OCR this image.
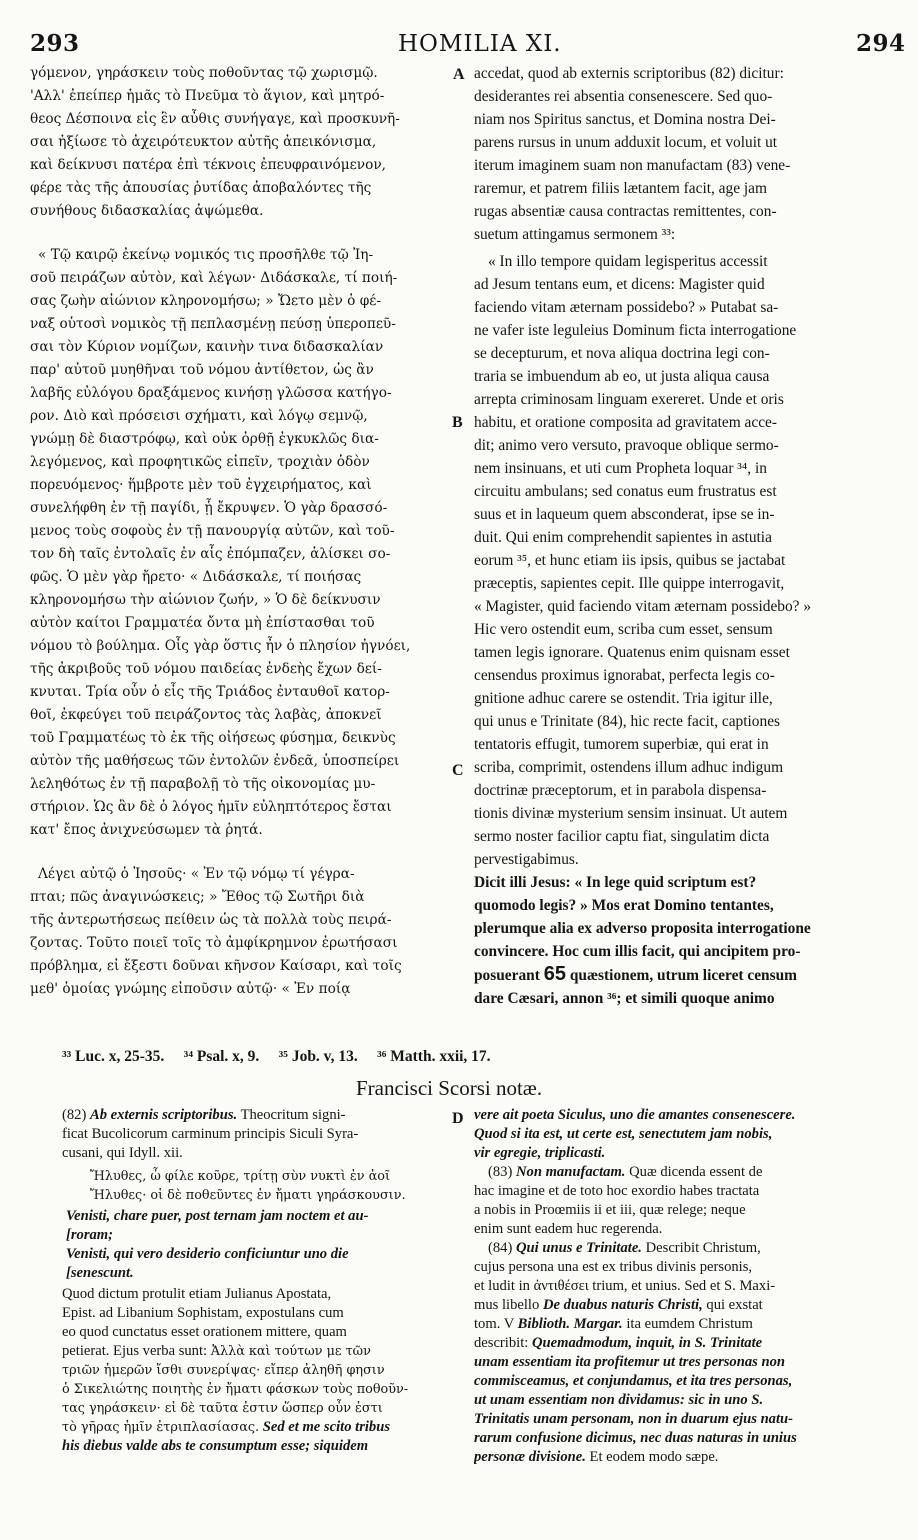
293	HOMILIA XI.	294

γόμενον, γηράσκειν τοὺς ποθοῦντας τῷ χωρισμῷ.
'Αλλ' ἐπείπερ ἡμᾶς τὸ Πνεῦμα τὸ ἅγιον, καὶ μητρό-
θεος Δέσποινα εἰς ἓν αὖθις συνήγαγε, καὶ προσκυνῆ-
σαι ἠξίωσε τὸ ἀχειρότευκτον αὐτῆς ἀπεικόνισμα,
καὶ δείκνυσι πατέρα ἐπὶ τέκνοις ἐπευφραινόμενον,
φέρε τὰς τῆς ἀπουσίας ῥυτίδας ἀποβαλόντες τῆς
συνήθους διδασκαλίας ἀψώμεθα.

« Τῷ καιρῷ ἐκείνῳ νομικός τις προσῆλθε τῷ Ἰη-
σοῦ πειράζων αὐτὸν, καὶ λέγων· Διδάσκαλε, τί ποιή-
σας ζωὴν αἰώνιον κληρονομήσω; » Ὤετο μὲν ὁ φέ-
ναξ οὑτοσὶ νομικὸς τῇ πεπλασμένῃ πεύσῃ ὑπεροπεῦ-
σαι τὸν Κύριον νομίζων, καινὴν τινα διδασκαλίαν
παρ' αὐτοῦ μυηθῆναι τοῦ νόμου ἀντίθετον, ὡς ἂν
λαβῆς εὐλόγου δραξάμενος κινήσῃ γλῶσσα κατήγο-
ρον. Διὸ καὶ πρόσεισι σχήματι, καὶ λόγῳ σεμνῷ,
γνώμῃ δὲ διαστρόφῳ, καὶ οὐκ ὀρθῇ ἐγκυκλῶς δια-
λεγόμενος, καὶ προφητικῶς εἰπεῖν, τροχιὰν ὁδὸν
πορευόμενος· ἥμβροτε μὲν τοῦ ἐγχειρήματος, καὶ
συνελήφθη ἐν τῇ παγίδι, ᾗ ἔκρυψεν. Ὁ γὰρ δρασσό-
μενος τοὺς σοφοὺς ἐν τῇ πανουργίᾳ αὐτῶν, καὶ τοῦ-
τον δὴ ταῖς ἐντολαῖς ἐν αἷς ἐπόμπαζεν, ἁλίσκει σο-
φῶς. Ὁ μὲν γὰρ ἤρετο· « Διδάσκαλε, τί ποιήσας
κληρονομήσω τὴν αἰώνιον ζωήν, » Ὁ δὲ δείκνυσιν
αὐτὸν καίτοι Γραμματέα ὄντα μὴ ἐπίστασθαι τοῦ
νόμου τὸ βούλημα. Οἷς γὰρ ὅστις ἦν ὁ πλησίον ἠγνόει,
τῆς ἀκριβοῦς τοῦ νόμου παιδείας ἐνδεὴς ἔχων δεί-
κνυται. Τρία οὖν ὁ εἷς τῆς Τριάδος ἐνταυθοῖ κατορ-
θοῖ, ἐκφεύγει τοῦ πειράζοντος τὰς λαβὰς, ἀποκνεῖ
τοῦ Γραμματέως τὸ ἐκ τῆς οἰήσεως φύσημα, δεικνὺς
αὐτὸν τῆς μαθήσεως τῶν ἐντολῶν ἐνδεᾶ, ὑποσπείρει
λεληθότως ἐν τῇ παραβολῇ τὸ τῆς οἰκονομίας μυ-
στήριον. Ὡς ἂν δὲ ὁ λόγος ἡμῖν εὐληπτότερος ἔσται
κατ' ἔπος ἀνιχνεύσωμεν τὰ ῥητά.

Λέγει αὐτῷ ὁ Ἰησοῦς· « Ἐν τῷ νόμῳ τί γέγρα-
πται; πῶς ἀναγινώσκεις; » Ἔθος τῷ Σωτῆρι διὰ
τῆς ἀντερωτήσεως πείθειν ὡς τὰ πολλὰ τοὺς πειρά-
ζοντας. Τοῦτο ποιεῖ τοῖς τὸ ἀμφίκρημνον ἐρωτήσασι
πρόβλημα, εἰ ἔξεστι δοῦναι κῆνσον Καίσαρι, καὶ τοῖς
μεθ' ὁμοίας γνώμης εἰποῦσιν αὐτῷ· « Ἐν ποίᾳ

A
B
C
D

accedat, quod ab externis scriptoribus (82) dicitur:
desiderantes rei absentia consenescere. Sed quo-
niam nos Spiritus sanctus, et Domina nostra Dei-
parens rursus in unum adduxit locum, et voluit ut
iterum imaginem suam non manufactam (83) vene-
raremur, et patrem filiis lætantem facit, age jam
rugas absentiæ causa contractas remittentes, con-
suetum attingamus sermonem ³³:

« In illo tempore quidam legisperitus accessit
ad Jesum tentans eum, et dicens: Magister quid
faciendo vitam æternam possidebo? » Putabat sa-
ne vafer iste leguleius Dominum ficta interrogatione
se decepturum, et nova aliqua doctrina legi con-
traria se imbuendum ab eo, ut justa aliqua causa
arrepta criminosam linguam exereret. Unde et oris
habitu, et oratione composita ad gravitatem acce-
dit; animo vero versuto, pravoque oblique sermo-
nem insinuans, et uti cum Propheta loquar ³⁴, in
circuitu ambulans; sed conatus eum frustratus est
suus et in laqueum quem absconderat, ipse se in-
duit. Qui enim comprehendit sapientes in astutia
eorum ³⁵, et hunc etiam iis ipsis, quibus se jactabat
præceptis, sapientes cepit. Ille quippe interrogavit,
« Magister, quid faciendo vitam æternam possidebo? »
Hic vero ostendit eum, scriba cum esset, sensum
tamen legis ignorare. Quatenus enim quisnam esset
censendus proximus ignorabat, perfecta legis co-
gnitione adhuc carere se ostendit. Tria igitur ille,
qui unus e Trinitate (84), hic recte facit, captiones
tentatoris effugit, tumorem superbiæ, qui erat in
scriba, comprimit, ostendens illum adhuc indigum
doctrinæ præceptorum, et in parabola dispensa-
tionis divinæ mysterium sensim insinuat. Ut autem
sermo noster facilior captu fiat, singulatim dicta
pervestigabimus.

Dicit illi Jesus: « In lege quid scriptum est?
quomodo legis? » Mos erat Domino tentantes,
plerumque alia ex adverso proposita interrogatione
convincere. Hoc cum illis facit, qui ancipitem pro-
posuerant 65 quæstionem, utrum liceret censum
dare Cæsari, annon ³⁶; et simili quoque animo
³³ Luc. x, 25-35.     ³⁴ Psal. x, 9.     ³⁵ Job. v, 13.     ³⁶ Matth. xxii, 17.
Francisci Scorsi notæ.
(82) Ab externis scriptoribus. Theocritum signi-
ficat Bucolicorum carminum principis Siculi Syra-
cusani, qui Idyll. xii.
Ἤλυθες, ὦ φίλε κοῦρε, τρίτῃ σὺν νυκτὶ ἐν ἀοῖ
Ἤλυθες· οἱ δὲ ποθεῦντες ἐν ἤματι γηράσκουσιν.
Venisti, chare puer, post ternam jam noctem et au-
[roram;
Venisti, qui vero desiderio conficiuntur uno die
[senescunt.
Quod dictum protulit etiam Julianus Apostata,
Epist. ad Libanium Sophistam, expostulans cum
eo quod cunctatus esset orationem mittere, quam
petierat. Ejus verba sunt: Ἀλλὰ καὶ τούτων με τῶν
τριῶν ἡμερῶν ἴσθι συνερίψας· εἴπερ ἀληθῆ φησιν
ὁ Σικελιώτης ποιητὴς ἐν ἤματι φάσκων τοὺς ποθοῦν-
τας γηράσκειν· εἰ δὲ ταῦτα ἐστιν ὥσπερ οὖν ἐστι
τὸ γῆρας ἡμῖν ἐτριπλασίασας. Sed et me scito tribus
his diebus valde abs te consumptum esse; siquidem
vere ait poeta Siculus, uno die amantes consenescere.
Quod si ita est, ut certe est, senectutem jam nobis,
vir egregie, triplicasti.
(83) Non manufactam. Quæ dicenda essent de
hac imagine et de toto hoc exordio habes tractata
a nobis in Proœmiis ii et iii, quæ relege; neque
enim sunt eadem huc regerenda.
(84) Qui unus e Trinitate. Describit Christum,
cujus persona una est ex tribus divinis personis,
et ludit in ἀντιθέσει trium, et unius. Sed et S. Maxi-
mus libello De duabus naturis Christi, qui exstat
tom. V Biblioth. Margar. ita eumdem Christum
describit: Quemadmodum, inquit, in S. Trinitate
unam essentiam ita profitemur ut tres personas non
commisceamus, et conjundamus, et ita tres personas,
ut unam essentiam non dividamus: sic in uno S.
Trinitatis unam personam, non in duarum ejus natu-
rarum confusione dicimus, nec duas naturas in unius
personæ divisione. Et eodem modo sæpe.
